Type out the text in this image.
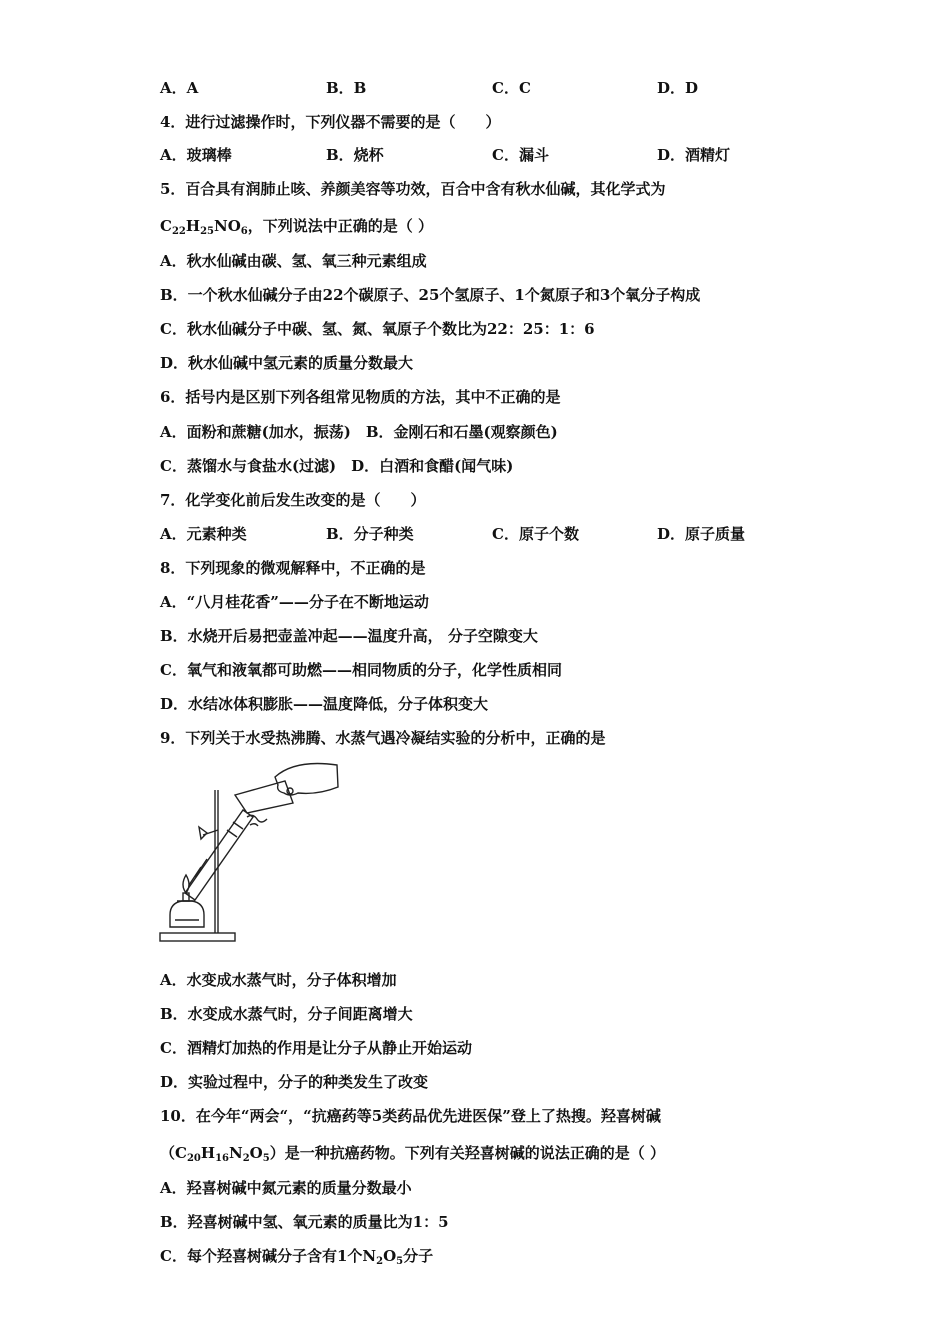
A．A	B．B	C．C	D．D
4．进行过滤操作时，下列仪器不需要的是（　　）
A．玻璃棒	B．烧杯	C．漏斗	D．酒精灯
5．百合具有润肺止咳、养颜美容等功效，百合中含有秋水仙碱，其化学式为
$C_{22}H_{25}NO_6$，下列说法中正确的是（ ）
A．秋水仙碱由碳、氢、氧三种元素组成
B．一个秋水仙碱分子由22个碳原子、25个氢原子、1个氮原子和3个氧分子构成
C．秋水仙碱分子中碳、氢、氮、氧原子个数比为22：25：1：6
D．秋水仙碱中氢元素的质量分数最大
6．括号内是区别下列各组常见物质的方法，其中不正确的是
A．面粉和蔗糖(加水，振荡)　B．金刚石和石墨(观察颜色)
C．蒸馏水与食盐水(过滤)　D．白酒和食醋(闻气味)
7．化学变化前后发生改变的是（　　）
A．元素种类	B．分子种类	C．原子个数	D．原子质量
8．下列现象的微观解释中，不正确的是
A．“八月桂花香”——分子在不断地运动
B．水烧开后易把壶盖冲起——温度升高， 分子空隙变大
C．氧气和液氧都可助燃——相同物质的分子，化学性质相同
D．水结冰体积膨胀——温度降低，分子体积变大
9．下列关于水受热沸腾、水蒸气遇冷凝结实验的分析中，正确的是
A．水变成水蒸气时，分子体积增加
B．水变成水蒸气时，分子间距离增大
C．酒精灯加热的作用是让分子从静止开始运动
D．实验过程中，分子的种类发生了改变
10．在今年“两会“，“抗癌药等5类药品优先进医保”登上了热搜。羟喜树碱
$(C_{20}H_{16}N_2O_5)$是一种抗癌药物。下列有关羟喜树碱的说法正确的是（ ）
A．羟喜树碱中氮元素的质量分数最小
B．羟喜树碱中氢、氧元素的质量比为1：5
C．每个羟喜树碱分子含有1个$N_2O_5$分子
